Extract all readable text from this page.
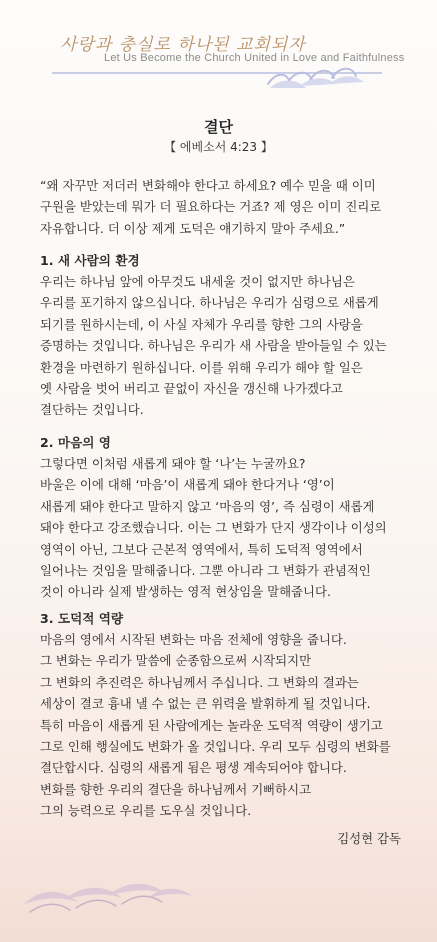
사랑과 충실로 하나된 교회되자

Let Us Become the Church United in Love and Faithfulness

결단

【 에베소서 4:23 】

“왜 자꾸만 저더러 변화해야 한다고 하세요? 예수 믿을 때 이미
구원을 받았는데 뭐가 더 필요하다는 거죠? 제 영은 이미 진리로
자유합니다. 더 이상 제게 도덕은 얘기하지 말아 주세요.”

1. 새 사람의 환경

우리는 하나님 앞에 아무것도 내세울 것이 없지만 하나님은
우리를 포기하지 않으십니다. 하나님은 우리가 심령으로 새롭게
되기를 원하시는데, 이 사실 자체가 우리를 향한 그의 사랑을
증명하는 것입니다. 하나님은 우리가 새 사람을 받아들일 수 있는
환경을 마련하기 원하십니다. 이를 위해 우리가 해야 할 일은
옛 사람을 벗어 버리고 끝없이 자신을 갱신해 나가겠다고
결단하는 것입니다.

2. 마음의 영

그렇다면 이처럼 새롭게 돼야 할 ‘나’는 누굴까요?
바울은 이에 대해 ‘마음’이 새롭게 돼야 한다거나 ‘영’이
새롭게 돼야 한다고 말하지 않고 ‘마음의 영’, 즉 심령이 새롭게
돼야 한다고 강조했습니다. 이는 그 변화가 단지 생각이나 이성의
영역이 아닌, 그보다 근본적 영역에서, 특히 도덕적 영역에서
일어나는 것임을 말해줍니다. 그뿐 아니라 그 변화가 관념적인
것이 아니라 실제 발생하는 영적 현상임을 말해줍니다.

3. 도덕적 역량

마음의 영에서 시작된 변화는 마음 전체에 영향을 줍니다.
그 변화는 우리가 말씀에 순종함으로써 시작되지만
그 변화의 추진력은 하나님께서 주십니다. 그 변화의 결과는
세상이 결코 흉내 낼 수 없는 큰 위력을 발휘하게 될 것입니다.
특히 마음이 새롭게 된 사람에게는 놀라운 도덕적 역량이 생기고
그로 인해 행실에도 변화가 올 것입니다. 우리 모두 심령의 변화를
결단합시다. 심령의 새롭게 됨은 평생 계속되어야 합니다.
변화를 향한 우리의 결단을 하나님께서 기뻐하시고
그의 능력으로 우리를 도우실 것입니다.

김성현 감독
